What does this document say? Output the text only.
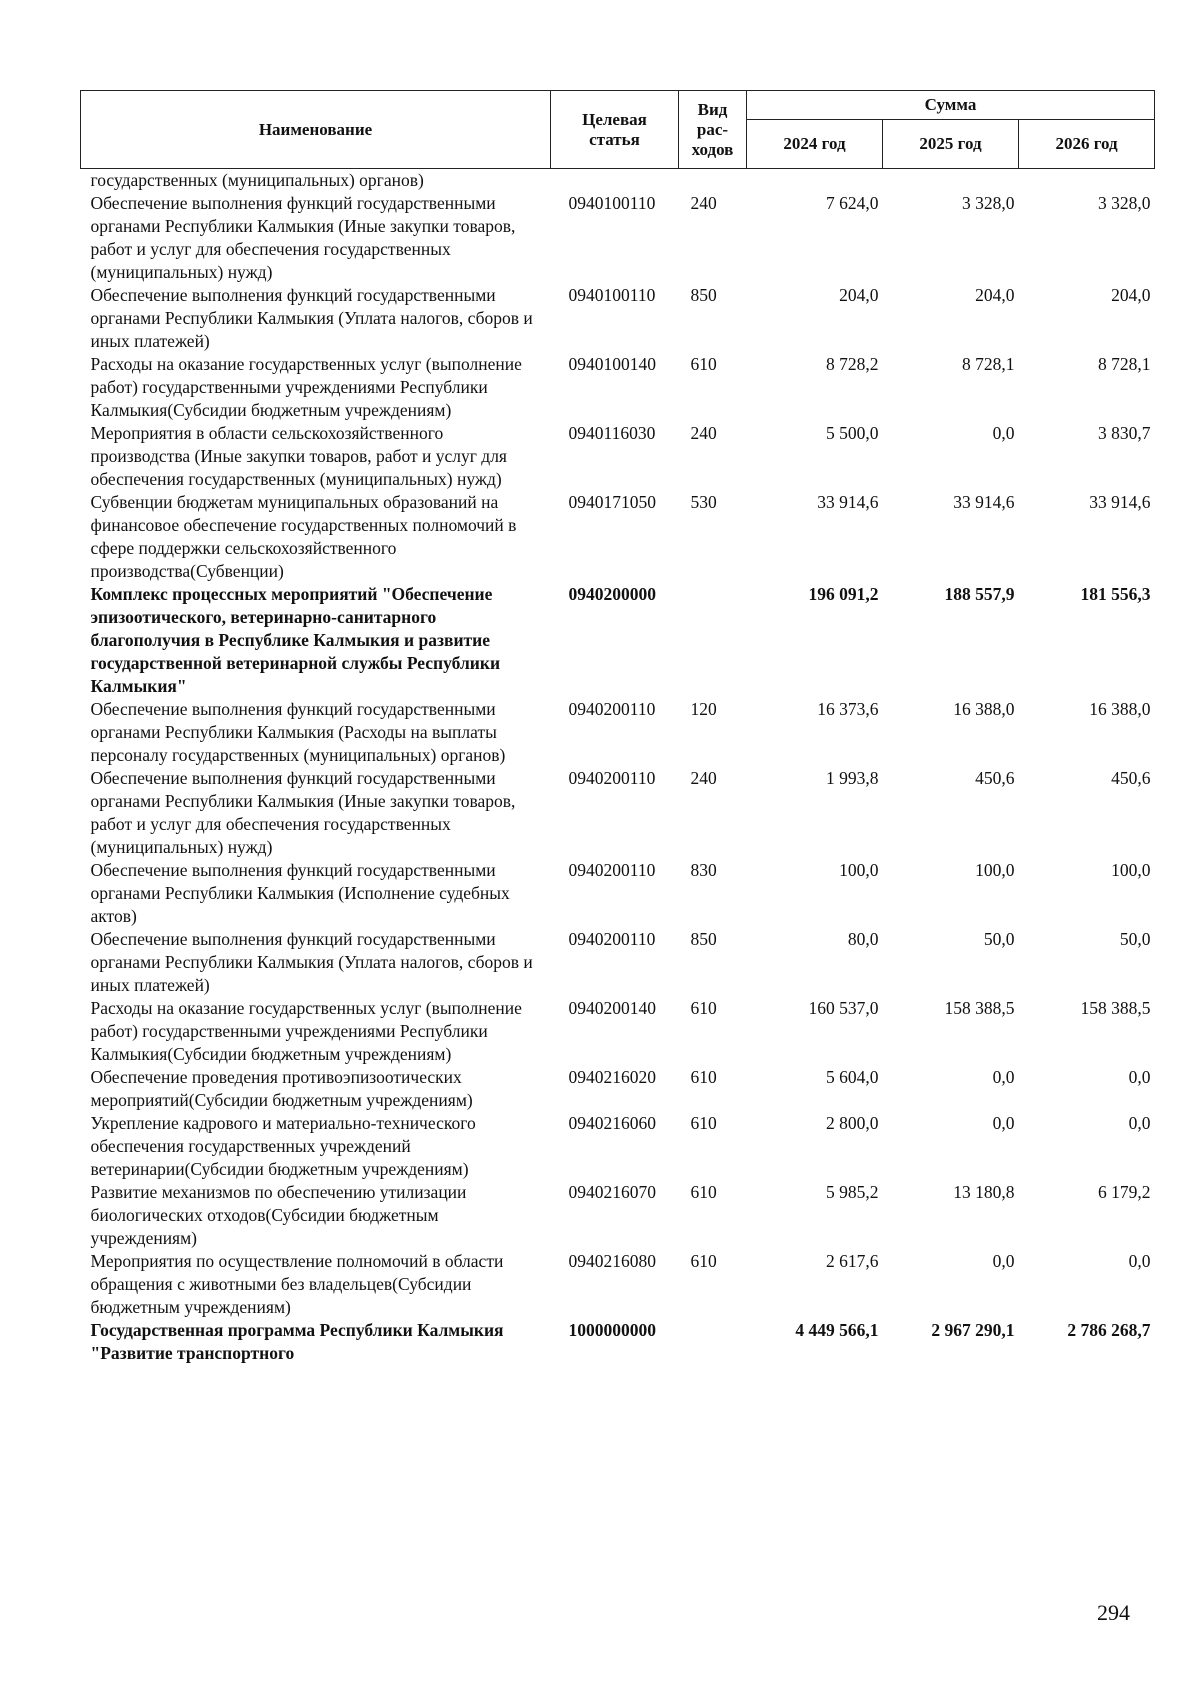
Наименование	Целевая статья	Вид рас-ходов	Сумма		
			2024 год	2025 год	2026 год
государственных (муниципальных) органов)					
Обеспечение выполнения функций государственными органами Республики Калмыкия (Иные закупки товаров, работ и услуг для обеспечения государственных (муниципальных) нужд)	0940100110	240	7 624,0	3 328,0	3 328,0
Обеспечение выполнения функций государственными органами Республики Калмыкия (Уплата налогов, сборов и иных платежей)	0940100110	850	204,0	204,0	204,0
Расходы на оказание государственных услуг (выполнение работ) государственными учреждениями Республики Калмыкия(Субсидии бюджетным учреждениям)	0940100140	610	8 728,2	8 728,1	8 728,1
Мероприятия в области сельскохозяйственного производства (Иные закупки товаров, работ и услуг для обеспечения государственных (муниципальных) нужд)	0940116030	240	5 500,0	0,0	3 830,7
Субвенции бюджетам муниципальных образований на финансовое обеспечение государственных полномочий в сфере поддержки сельскохозяйственного производства(Субвенции)	0940171050	530	33 914,6	33 914,6	33 914,6
Комплекс процессных мероприятий "Обеспечение эпизоотического, ветеринарно-санитарного благополучия в Республике Калмыкия и развитие государственной ветеринарной службы Республики Калмыкия"	0940200000		196 091,2	188 557,9	181 556,3
Обеспечение выполнения функций государственными органами Республики Калмыкия (Расходы на выплаты персоналу государственных (муниципальных) органов)	0940200110	120	16 373,6	16 388,0	16 388,0
Обеспечение выполнения функций государственными органами Республики Калмыкия (Иные закупки товаров, работ и услуг для обеспечения государственных (муниципальных) нужд)	0940200110	240	1 993,8	450,6	450,6
Обеспечение выполнения функций государственными органами Республики Калмыкия (Исполнение судебных актов)	0940200110	830	100,0	100,0	100,0
Обеспечение выполнения функций государственными органами Республики Калмыкия (Уплата налогов, сборов и иных платежей)	0940200110	850	80,0	50,0	50,0
Расходы на оказание государственных услуг (выполнение работ) государственными учреждениями Республики Калмыкия(Субсидии бюджетным учреждениям)	0940200140	610	160 537,0	158 388,5	158 388,5
Обеспечение проведения противоэпизоотических мероприятий(Субсидии бюджетным учреждениям)	0940216020	610	5 604,0	0,0	0,0
Укрепление кадрового и материально-технического обеспечения государственных учреждений ветеринарии(Субсидии бюджетным учреждениям)	0940216060	610	2 800,0	0,0	0,0
Развитие механизмов по обеспечению утилизации биологических отходов(Субсидии бюджетным учреждениям)	0940216070	610	5 985,2	13 180,8	6 179,2
Мероприятия по осуществление полномочий в области обращения с животными без владельцев(Субсидии бюджетным учреждениям)	0940216080	610	2 617,6	0,0	0,0
Государственная программа Республики Калмыкия "Развитие транспортного	1000000000		4 449 566,1	2 967 290,1	2 786 268,7
294
